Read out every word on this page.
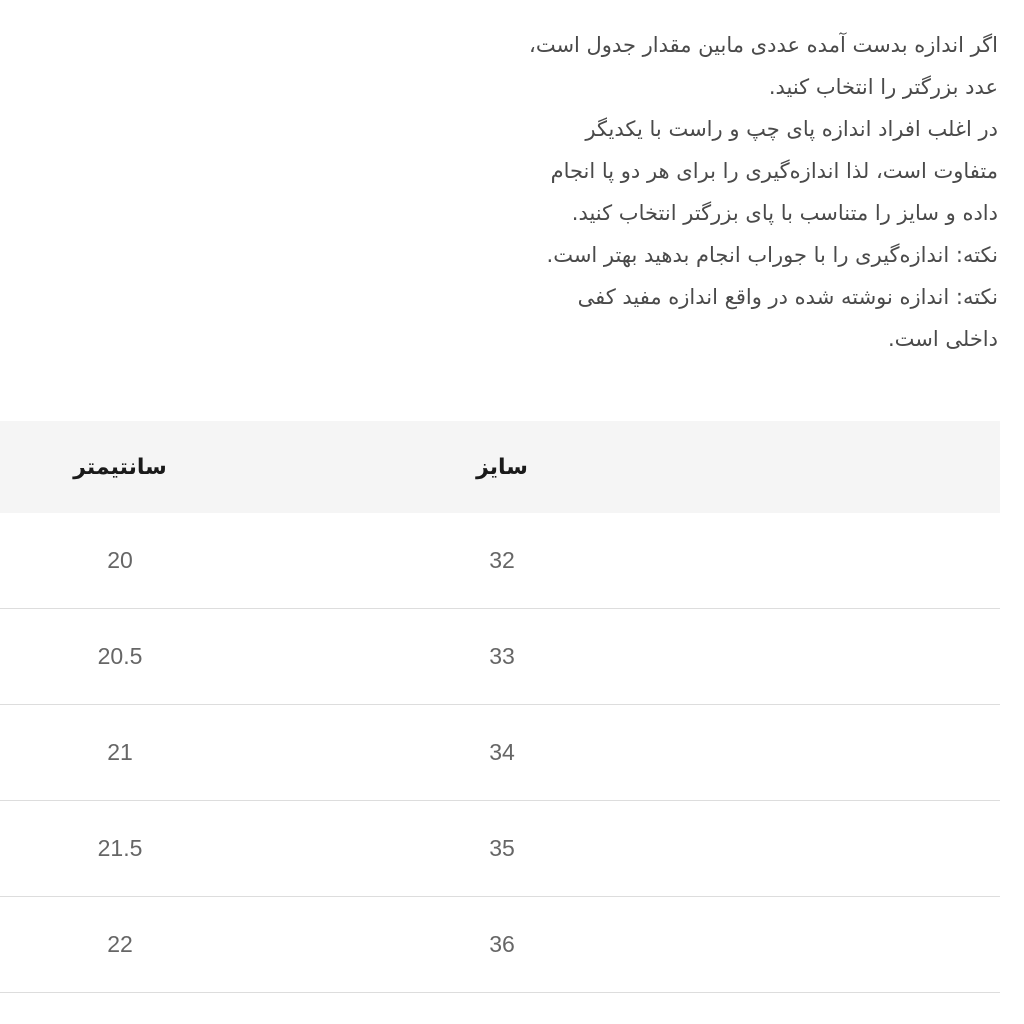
اگر اندازه بدست آمده عددی مابین مقدار جدول است،
عدد بزرگتر را انتخاب کنید.
در اغلب افراد اندازه پای چپ و راست با یکدیگر
متفاوت است، لذا اندازه‌گیری را برای هر دو پا انجام
داده و سایز را متناسب با پای بزرگتر انتخاب کنید.
نکته: اندازه‌گیری را با جوراب انجام بدهید بهتر است.
نکته: اندازه نوشته شده در واقع اندازه مفید کفی
داخلی است.
سایز	سانتیمتر
32	20
33	20.5
34	21
35	21.5
36	22
